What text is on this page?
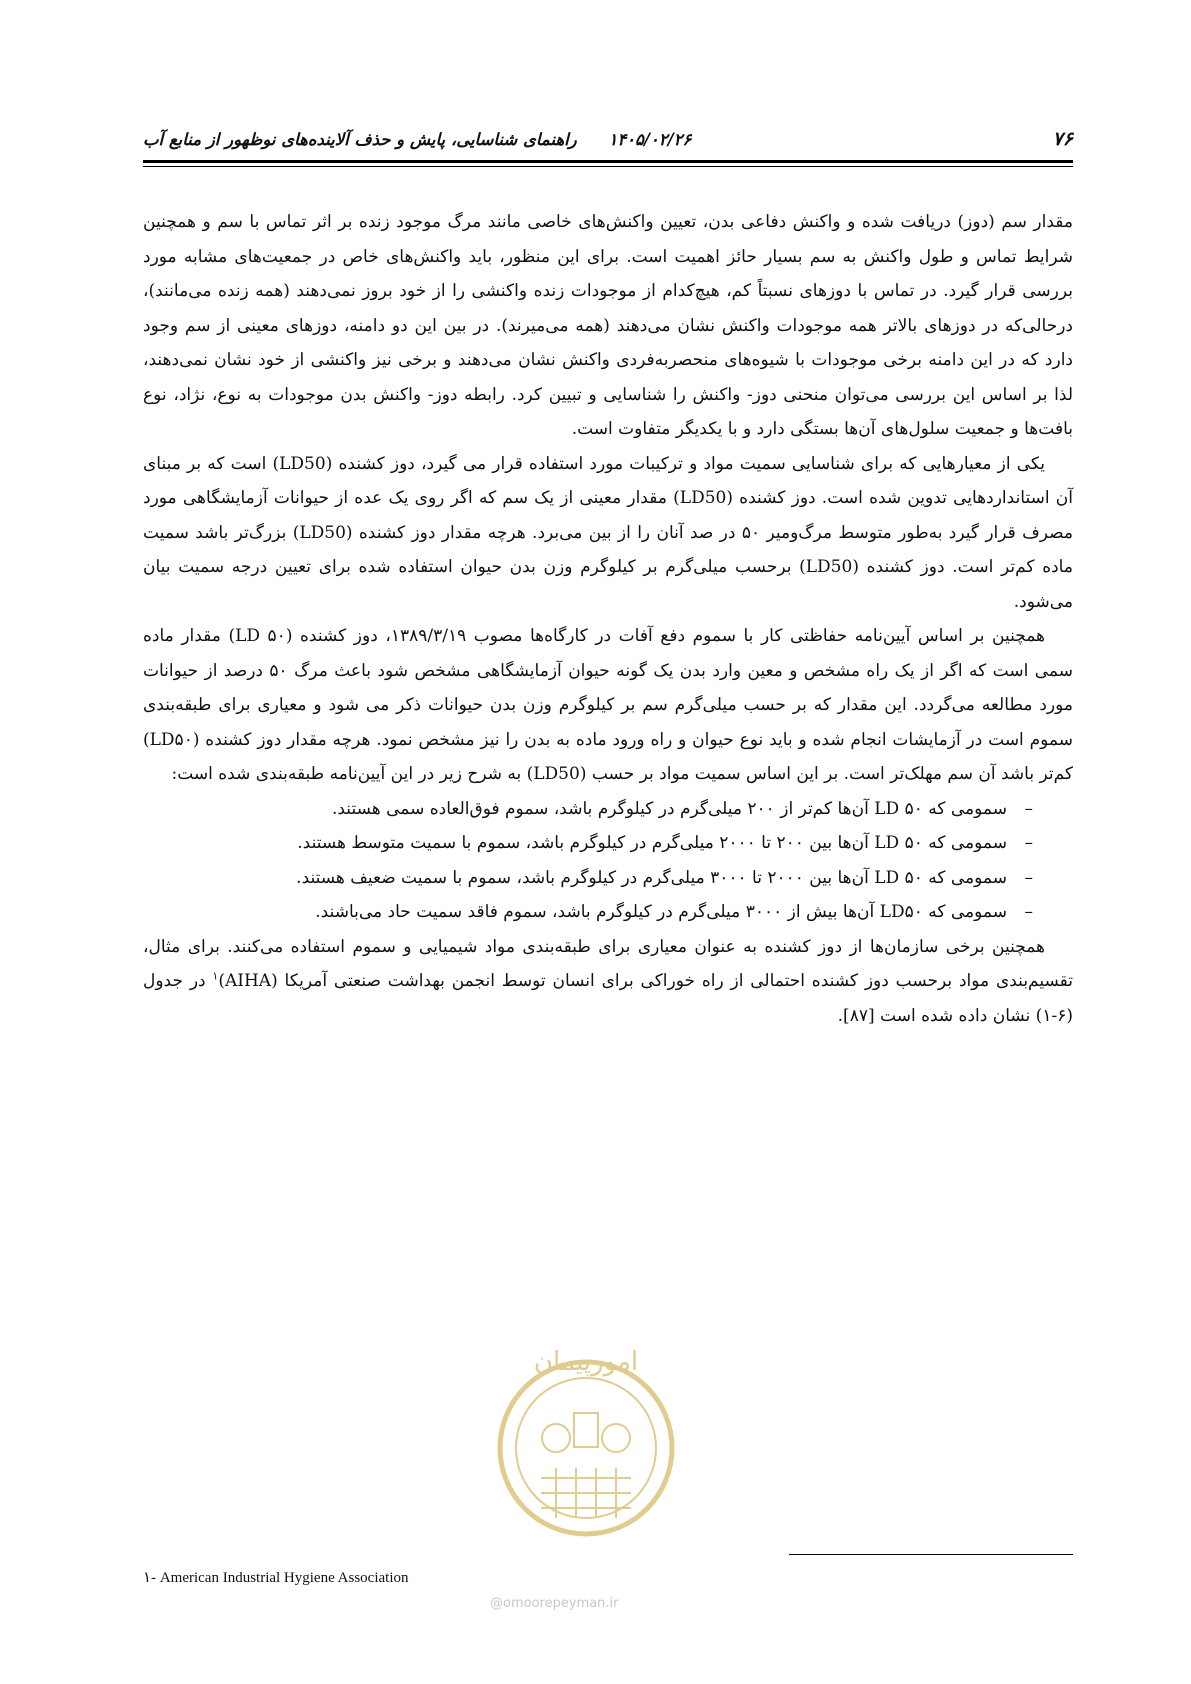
۷۶
۱۴۰۵/۰۲/۲۶ راهنمای شناسایی، پایش و حذف آلاینده‌های نوظهور از منابع آب

مقدار سم (دوز) دریافت شده و واکنش دفاعی بدن، تعیین واکنش‌های خاصی مانند مرگ موجود زنده بر اثر تماس با سم و همچنین شرایط تماس و طول واکنش به سم بسیار حائز اهمیت است. برای این منظور، باید واکنش‌های خاص در جمعیت‌های مشابه مورد بررسی قرار گیرد. در تماس با دوزهای نسبتاً کم، هیچ‌کدام از موجودات زنده واکنشی را از خود بروز نمی‌دهند (همه زنده می‌مانند)، درحالی‌که در دوزهای بالاتر همه موجودات واکنش نشان می‌دهند (همه می‌میرند). در بین این دو دامنه، دوزهای معینی از سم وجود دارد که در این دامنه برخی موجودات با شیوه‌های منحصربه‌فردی واکنش نشان می‌دهند و برخی نیز واکنشی از خود نشان نمی‌دهند، لذا بر اساس این بررسی می‌توان منحنی دوز- واکنش را شناسایی و تبیین کرد. رابطه دوز- واکنش بدن موجودات به نوع، نژاد، نوع بافت‌ها و جمعیت سلول‌های آن‌ها بستگی دارد و با یکدیگر متفاوت است.

یکی از معیارهایی که برای شناسایی سمیت مواد و ترکیبات مورد استفاده قرار می گیرد، دوز کشنده (LD50) است که بر مبنای آن استانداردهایی تدوین شده است. دوز کشنده (LD50) مقدار معینی از یک سم که اگر روی یک عده از حیوانات آزمایشگاهی مورد مصرف قرار گیرد به‌طور متوسط مرگ‌ومیر ۵۰ در صد آنان را از بین می‌برد. هرچه مقدار دوز کشنده (LD50) بزرگ‌تر باشد سمیت ماده کم‌تر است. دوز کشنده (LD50) برحسب میلی‌گرم بر کیلوگرم وزن بدن حیوان استفاده شده برای تعیین درجه سمیت بیان می‌شود.

همچنین بر اساس آیین‌نامه حفاظتی کار با سموم دفع آفات در کارگاه‌ها مصوب ۱۳۸۹/۳/۱۹، دوز کشنده (LD ۵۰) مقدار ماده سمی است که اگر از یک راه مشخص و معین وارد بدن یک گونه حیوان آزمایشگاهی مشخص شود باعث مرگ ۵۰ درصد از حیوانات مورد مطالعه می‌گردد. این مقدار که بر حسب میلی‌گرم سم بر کیلوگرم وزن بدن حیوانات ذکر می شود و معیاری برای طبقه‌بندی سموم است در آزمایشات انجام شده و باید نوع حیوان و راه ورود ماده به بدن را نیز مشخص نمود. هرچه مقدار دوز کشنده (LD۵۰) کم‌تر باشد آن سم مهلک‌تر است. بر این اساس سمیت مواد بر حسب (LD50) به شرح زیر در این آیین‌نامه طبقه‌بندی شده است:

– سمومی که LD ۵۰ آن‌ها کم‌تر از ۲۰۰ میلی‌گرم در کیلوگرم باشد، سموم فوق‌العاده سمی هستند.
– سمومی که LD ۵۰ آن‌ها بین ۲۰۰ تا ۲۰۰۰ میلی‌گرم در کیلوگرم باشد، سموم با سمیت متوسط هستند.
– سمومی که LD ۵۰ آن‌ها بین ۲۰۰۰ تا ۳۰۰۰ میلی‌گرم در کیلوگرم باشد، سموم با سمیت ضعیف هستند.
– سمومی که LD۵۰ آن‌ها بیش از ۳۰۰۰ میلی‌گرم در کیلوگرم باشد، سموم فاقد سمیت حاد می‌باشند.

همچنین برخی سازمان‌ها از دوز کشنده به عنوان معیاری برای طبقه‌بندی مواد شیمیایی و سموم استفاده می‌کنند. برای مثال، تقسیم‌بندی مواد برحسب دوز کشنده احتمالی از راه خوراکی برای انسان توسط انجمن بهداشت صنعتی آمریکا (AIHA)$^۱$ در جدول (۶-۱) نشان داده شده است [۸۷].

امورپیمان
@omoorepeyman.ir
۱- American Industrial Hygiene Association
